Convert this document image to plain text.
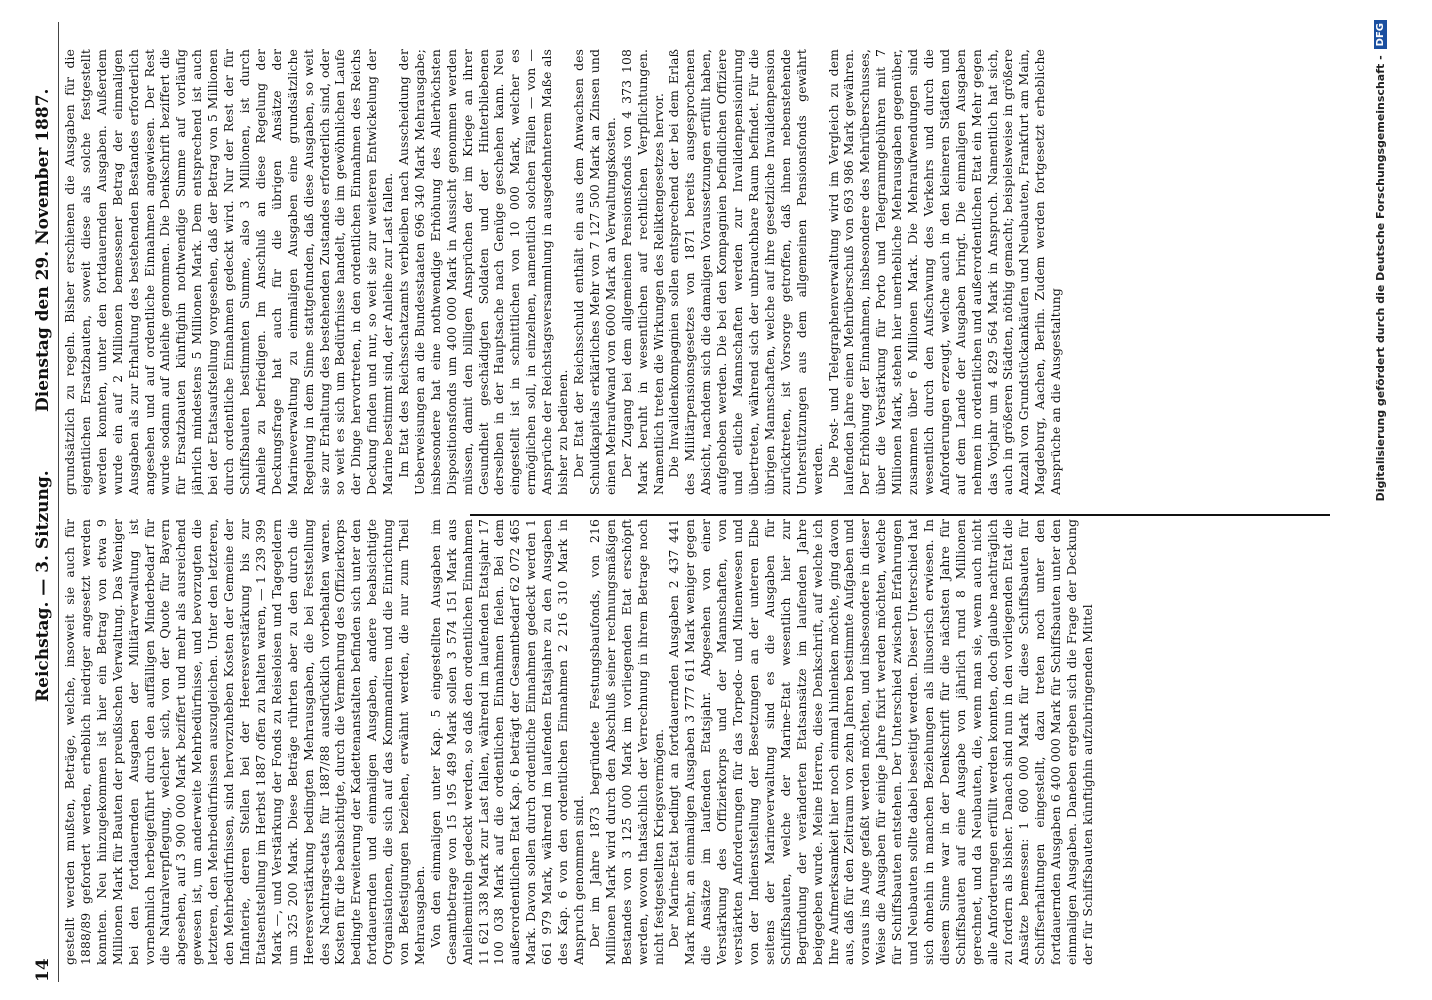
14
Reichstag. — 3. Sitzung.
Dienstag den 29. November 1887.

gestellt werden mußten, Beträge, welche, insoweit sie auch für 1888/89 gefordert werden, erheblich niedriger angesetzt werden konnten. Neu hinzugekommen ist hier ein Betrag von etwa 9 Millionen Mark für Bauten der preußischen Verwaltung. Das Weniger bei den fortdauernden Ausgaben der Militärverwaltung ist vornehmlich herbeigeführt durch den auffälligen Minderbedarf für die Naturalverpflegung, welcher sich, von der Quote für Bayern abgesehen, auf 3 900 000 Mark beziffert und mehr als ausreichend gewesen ist, um anderweite Mehrbedürfnisse, und bevorzugten die letzteren, den Mehrbedürfnissen auszugleichen. Unter den letzteren, den Mehrbedürfnissen, sind hervorzuheben Kosten der Gemeine der Infanterie, deren Stellen bei der Heeresverstärkung bis zur Etatsentstellung im Herbst 1887 offen zu halten waren, — 1 239 399 Mark —, und Verstärkung der Fonds zu Reiseloisen und Tagegeldern um 325 200 Mark. Diese Beträge rührten aber zu den durch die Heeresverstärkung bedingten Mehrausgaben, die bei Feststellung des Nachtrags-etats für 1887/88 ausdrücklich vorbehalten waren. Kosten für die beabsichtigte, durch die Vermehrung des Offizierkorps bedingte Erweiterung der Kadettenanstalten befinden sich unter den fortdauernden und einmaligen Ausgaben, andere beabsichtigte Organisationen, die sich auf das Kommandiren und die Einrichtung von Befestigungen beziehen, erwähnt werden, die nur zum Theil Mehrausgaben. Von den einmaligen unter Kap. 5 eingestellten Ausgaben im Gesamtbetrage von 15 195 489 Mark sollen 3 574 151 Mark aus Anleihemitteln gedeckt werden, so daß den ordentlichen Einnahmen 11 621 338 Mark zur Last fallen, während im laufenden Etatsjahr 17 100 038 Mark auf die ordentlichen Einnahmen fielen. Bei dem außerordentlichen Etat Kap. 6 beträgt der Gesamtbedarf 62 072 465 Mark. Davon sollen durch ordentliche Einnahmen gedeckt werden 1 661 979 Mark, während im laufenden Etatsjahre zu den Ausgaben des Kap. 6 von den ordentlichen Einnahmen 2 216 310 Mark in Anspruch genommen sind. Der im Jahre 1873 begründete Festungsbaufonds, von 216 Millionen Mark wird durch den Abschluß seiner rechnungsmäßigen Bestandes von 3 125 000 Mark im vorliegenden Etat erschöpft werden, wovon thatsächlich der Verrechnung in ihrem Betrage noch nicht festgestellten Kriegsvermögen. Der Marine-Etat bedingt an fortdauernden Ausgaben 2 437 441 Mark mehr, an einmaligen Ausgaben 3 777 611 Mark weniger gegen die Ansätze im laufenden Etatsjahr. Abgesehen von einer Verstärkung des Offizierkorps und der Mannschaften, von verstärkten Anforderungen für das Torpedo- und Minenwesen und von der Indienststellung der Besetzungen an der unteren Elbe seitens der Marineverwaltung sind es die Ausgaben für Schiffsbauten, welche der Marine-Etat wesentlich hier zur Begründung der veränderten Etatsansätze im laufenden Jahre beigegeben wurde. Meine Herren, diese Denkschrift, auf welche ich Ihre Aufmerksamkeit hier noch einmal hinlenken möchte, ging davon aus, daß für den Zeitraum von zehn Jahren bestimmte Aufgaben und voraus ins Auge gefaßt werden möchten, und insbesondere in dieser Weise die Ausgaben für einige Jahre fixirt werden möchten, welche für Schiffsbauten entstehen. Der Unterschied zwischen Erfahrungen und Neubauten sollte dabei beseitigt werden. Dieser Unterschied hat sich ohnehin in manchen Beziehungen als illusorisch erwiesen. In diesem Sinne war in der Denkschrift für die nächsten Jahre für Schiffsbauten auf eine Ausgabe von jährlich rund 8 Millionen gerechnet, und da Neubauten, die, wenn man sie, wenn auch nicht alle Anforderungen erfüllt werden konnten, doch glaube nachträglich zu fordern als bisher. Danach sind nun in den vorliegenden Etat die Ansätze bemessen: 1 600 000 Mark für diese Schiffsbauten für Schiffserhaltungen eingestellt, dazu treten noch unter den fortdauernden Ausgaben 6 400 000 Mark für Schiffsbauten unter den einmaligen Ausgaben. Daneben ergeben sich die Frage der Deckung der für Schiffsbauten künftighin aufzubringenden Mittel

grundsätzlich zu regeln. Bisher erschienen die Ausgaben für die eigentlichen Ersatzbauten, soweit diese als solche festgestellt werden konnten, unter den fortdauernden Ausgaben. Außerdem wurde ein auf 2 Millionen bemessener Betrag der einmaligen Ausgaben als zur Erhaltung des bestehenden Bestandes erforderlich angesehen und auf ordentliche Einnahmen angewiesen. Der Rest wurde sodann auf Anleihe genommen. Die Denkschrift beziffert die für Ersatzbauten künftighin nothwendige Summe auf vorläufig jährlich mindestens 5 Millionen Mark. Dem entsprechend ist auch bei der Etatsaufstellung vorgesehen, daß der Betrag von 5 Millionen durch ordentliche Einnahmen gedeckt wird. Nur der Rest der für Schiffsbauten bestimmten Summe, also 3 Millionen, ist durch Anleihe zu befriedigen. Im Anschluß an diese Regelung der Deckungsfrage hat auch für die übrigen Ansätze der Marineverwaltung zu einmaligen Ausgaben eine grundsätzliche Regelung in dem Sinne stattgefunden, daß diese Ausgaben, so weit sie zur Erhaltung des bestehenden Zustandes erforderlich sind, oder so weit es sich um Bedürfnisse handelt, die im gewöhnlichen Laufe der Dinge hervortreten, in den ordentlichen Einnahmen des Reichs Deckung finden und nur, so weit sie zur weiteren Entwickelung der Marine bestimmt sind, der Anleihe zur Last fallen. Im Etat des Reichsschatzamts verbleiben nach Ausscheidung der Ueberweisungen an die Bundesstaaten 696 340 Mark Mehrausgabe; insbesondere hat eine nothwendige Erhöhung des Allerhöchsten Dispositionsfonds um 400 000 Mark in Aussicht genommen werden müssen, damit den billigen Ansprüchen der im Kriege an ihrer Gesundheit geschädigten Soldaten und der Hinterbliebenen derselben in der Hauptsache nach Genüge geschehen kann. Neu eingestellt ist in schnittlichen von 10 000 Mark, welcher es ermöglichen soll, in einzelnen, namentlich solchen Fällen — von — Ansprüche der Reichstagsversammlung in ausgedehnterem Maße als bisher zu bedienen. Der Etat der Reichsschuld enthält ein aus dem Anwachsen des Schuldkapitals erklärliches Mehr von 7 127 500 Mark an Zinsen und einen Mehraufwand von 6000 Mark an Verwaltungskosten. Der Zugang bei dem allgemeinen Pensionsfonds von 4 373 108 Mark beruht in wesentlichen auf rechtlichen Verpflichtungen. Namentlich treten die Wirkungen des Reliktengesetzes hervor. Die Invalidenkompagnien sollen entsprechend der bei dem Erlaß des Militärpensionsgesetzes von 1871 bereits ausgesprochenen Absicht, nachdem sich die damaligen Voraussetzungen erfüllt haben, aufgehoben werden. Die bei den Kompagnien befindlichen Offiziere und etliche Mannschaften werden zur Invalidenpensionirung übertreten, während sich der unbrauchbare Raum befindet. Für die übrigen Mannschaften, welche auf ihre gesetzliche Invalidenpension zurücktreten, ist Vorsorge getroffen, daß ihnen nebenstehende Unterstützungen aus dem allgemeinen Pensionsfonds gewährt werden. Die Post- und Telegraphenverwaltung wird im Vergleich zu dem laufenden Jahre einen Mehrüberschuß von 693 986 Mark gewähren. Der Erhöhung der Einnahmen, insbesondere des Mehrüberschusses, über die Verstärkung für Porto und Telegrammgebühren mit 7 Millionen Mark, stehen hier unerhebliche Mehrausgaben gegenüber, zusammen über 6 Millionen Mark. Die Mehraufwendungen sind wesentlich durch den Aufschwung des Verkehrs und durch die Anforderungen erzeugt, welche auch in den kleineren Städten und auf dem Lande der Ausgaben bringt. Die einmaligen Ausgaben nehmen im ordentlichen und außerordentlichen Etat ein Mehr gegen das Vorjahr um 4 829 564 Mark in Anspruch. Namentlich hat sich, auch in größeren Städten, nöthig gemacht; beispielsweise in größere Anzahl von Grundstückankäufen und Neubauten, Frankfurt am Main, Magdeburg, Aachen, Berlin. Zudem werden fortgesetzt erhebliche Ansprüche an die Ausgestaltung	Digitalisierung gefördert durch die Deutsche Forschungsgemeinschaft -
DFG
